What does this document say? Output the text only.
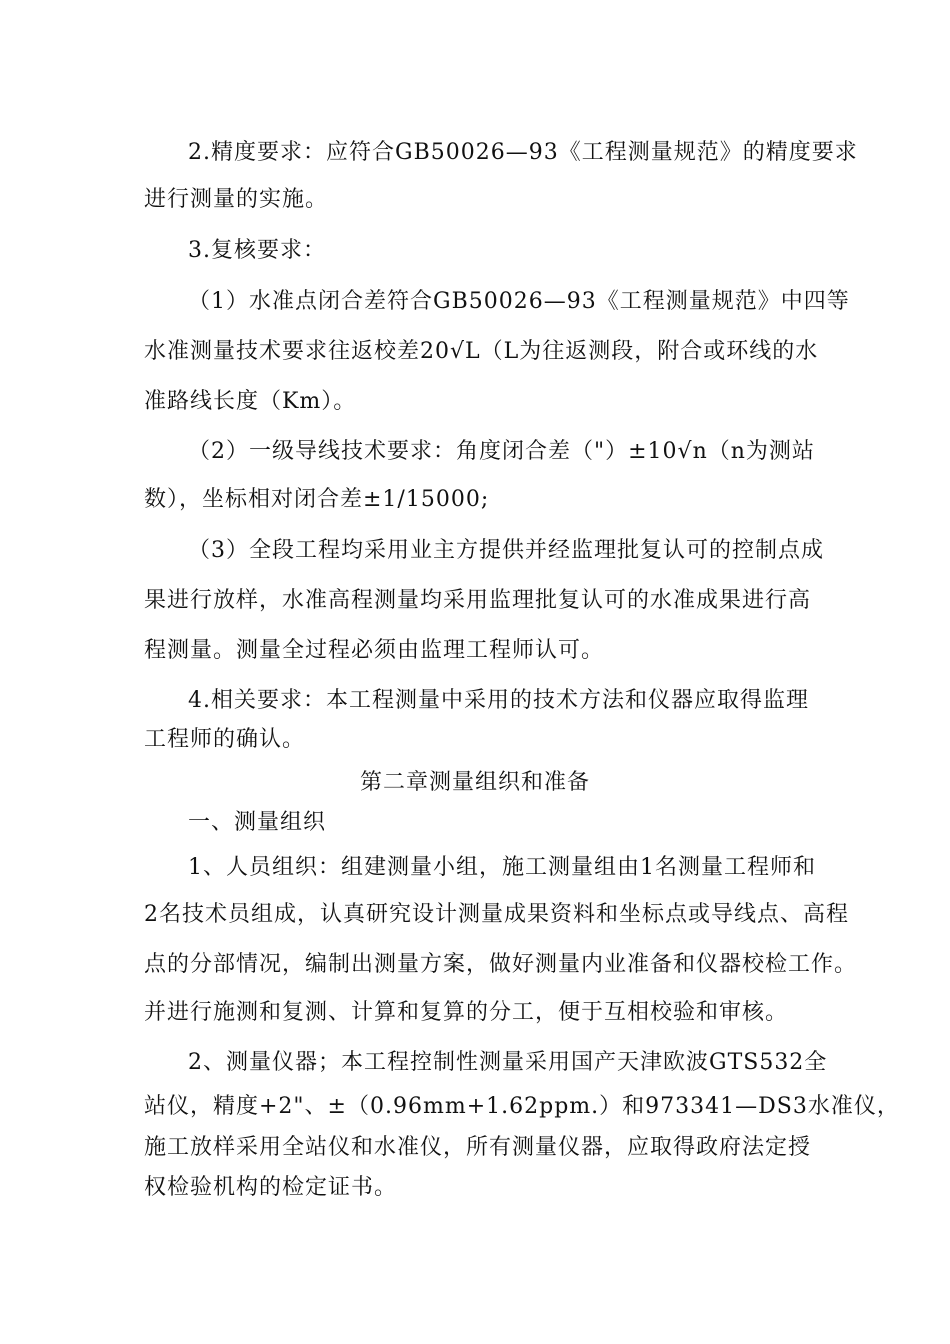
2.精度要求：应符合GB50026—93《工程测量规范》的精度要求
进行测量的实施。
3.复核要求：
（1）水准点闭合差符合GB50026—93《工程测量规范》中四等
水准测量技术要求往返校差20√L（L为往返测段，附合或环线的水
准路线长度（Km）。
（2）一级导线技术要求：角度闭合差（"）±10√n（n为测站
数），坐标相对闭合差±1/15000;
（3）全段工程均采用业主方提供并经监理批复认可的控制点成
果进行放样，水准高程测量均采用监理批复认可的水准成果进行高
程测量。测量全过程必须由监理工程师认可。
4.相关要求：本工程测量中采用的技术方法和仪器应取得监理
工程师的确认。
第二章测量组织和准备
一、测量组织
1、人员组织：组建测量小组，施工测量组由1名测量工程师和
2名技术员组成，认真研究设计测量成果资料和坐标点或导线点、高程
点的分部情况，编制出测量方案，做好测量内业准备和仪器校检工作。
并进行施测和复测、计算和复算的分工，便于互相校验和审核。
2、测量仪器；本工程控制性测量采用国产天津欧波GTS532全
站仪，精度+2"、±（0.96mm+1.62ppm.）和973341—DS3水准仪，
施工放样采用全站仪和水准仪，所有测量仪器，应取得政府法定授
权检验机构的检定证书。
